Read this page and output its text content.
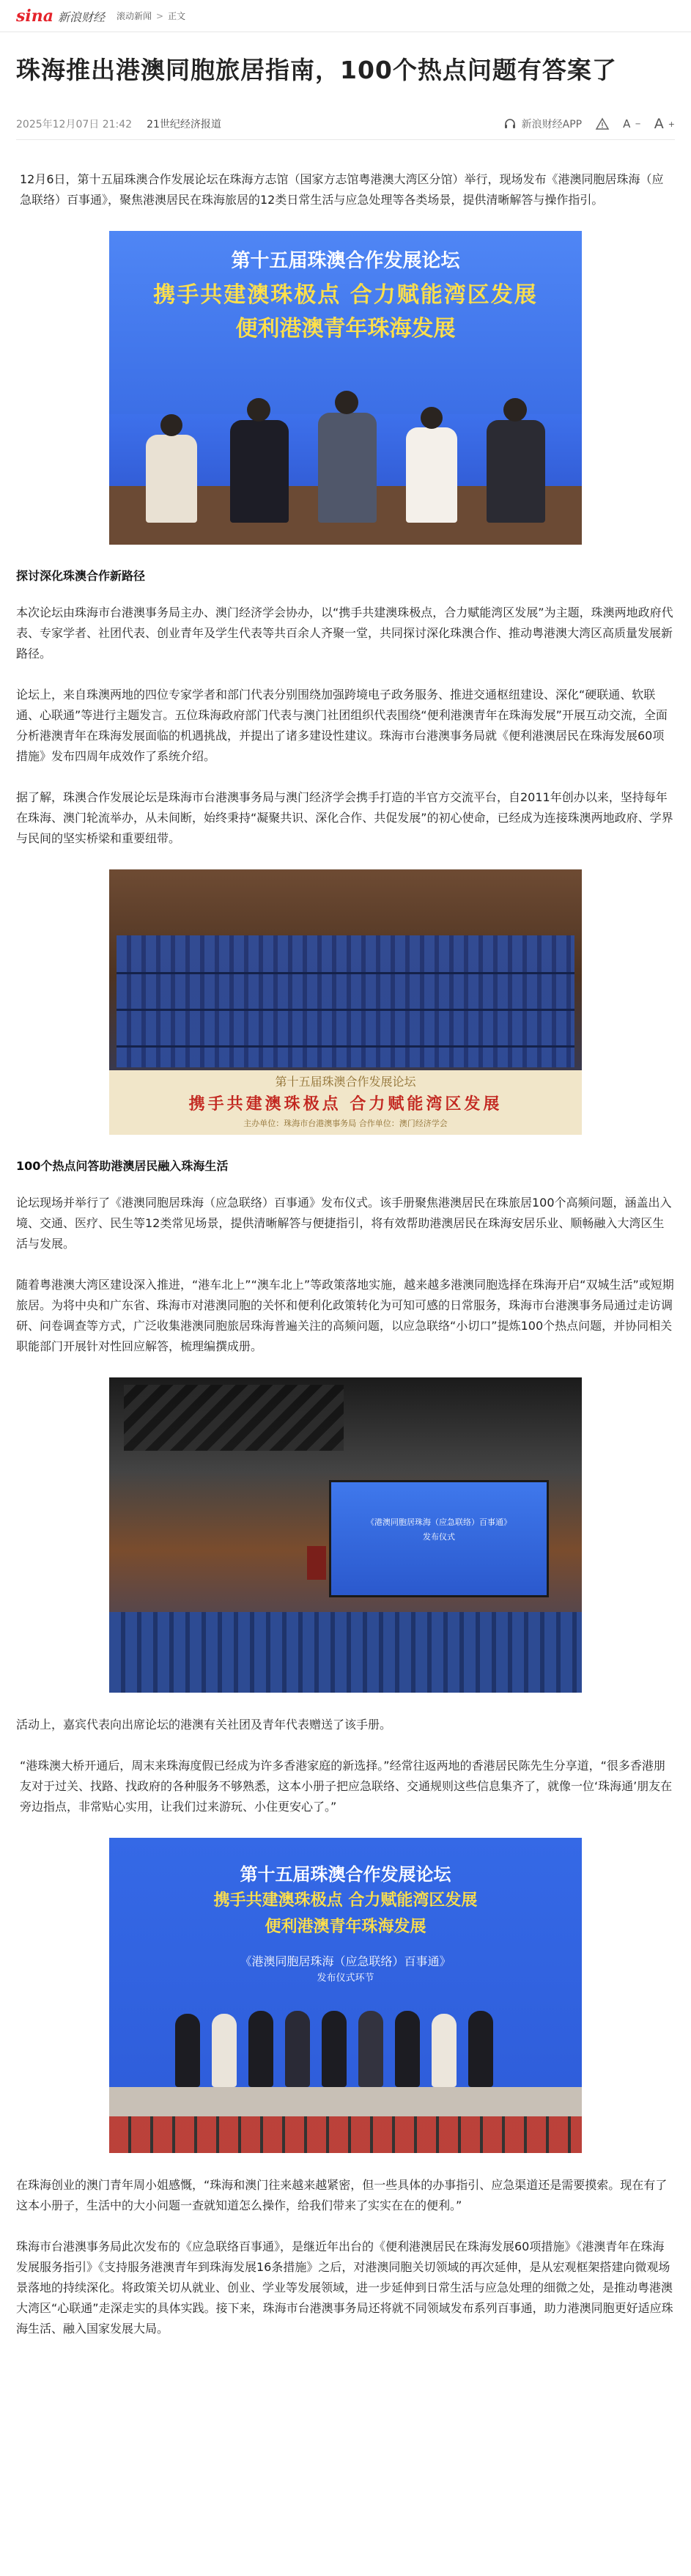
sina 新浪财经 滚动新闻 > 正文
珠海推出港澳同胞旅居指南，100个热点问题有答案了
2025年12月07日 21:42 21世纪经济报道	新浪财经APP	A − A +

12月6日，第十五届珠澳合作发展论坛在珠海方志馆（国家方志馆粤港澳大湾区分馆）举行，现场发布《港澳同胞居珠海（应急联络）百事通》，聚焦港澳居民在珠海旅居的12类日常生活与应急处理等各类场景，提供清晰解答与操作指引。

第十五届珠澳合作发展论坛
携手共建澳珠极点 合力赋能湾区发展
便利港澳青年珠海发展
探讨深化珠澳合作新路径

本次论坛由珠海市台港澳事务局主办、澳门经济学会协办，以“携手共建澳珠极点，合力赋能湾区发展”为主题，珠澳两地政府代表、专家学者、社团代表、创业青年及学生代表等共百余人齐聚一堂，共同探讨深化珠澳合作、推动粤港澳大湾区高质量发展新路径。

论坛上，来自珠澳两地的四位专家学者和部门代表分别围绕加强跨境电子政务服务、推进交通枢纽建设、深化“硬联通、软联通、心联通”等进行主题发言。五位珠海政府部门代表与澳门社团组织代表围绕“便利港澳青年在珠海发展”开展互动交流，全面分析港澳青年在珠海发展面临的机遇挑战，并提出了诸多建设性建议。珠海市台港澳事务局就《便利港澳居民在珠海发展60项措施》发布四周年成效作了系统介绍。

据了解，珠澳合作发展论坛是珠海市台港澳事务局与澳门经济学会携手打造的半官方交流平台，自2011年创办以来，坚持每年在珠海、澳门轮流举办，从未间断，始终秉持“凝聚共识、深化合作、共促发展”的初心使命，已经成为连接珠澳两地政府、学界与民间的坚实桥梁和重要纽带。

第十五届珠澳合作发展论坛
携手共建澳珠极点 合力赋能湾区发展
主办单位：珠海市台港澳事务局 合作单位：澳门经济学会
100个热点问答助港澳居民融入珠海生活

论坛现场并举行了《港澳同胞居珠海（应急联络）百事通》发布仪式。该手册聚焦港澳居民在珠旅居100个高频问题，涵盖出入境、交通、医疗、民生等12类常见场景，提供清晰解答与便捷指引，将有效帮助港澳居民在珠海安居乐业、顺畅融入大湾区生活与发展。

随着粤港澳大湾区建设深入推进，“港车北上”“澳车北上”等政策落地实施，越来越多港澳同胞选择在珠海开启“双城生活”或短期旅居。为将中央和广东省、珠海市对港澳同胞的关怀和便利化政策转化为可知可感的日常服务，珠海市台港澳事务局通过走访调研、问卷调查等方式，广泛收集港澳同胞旅居珠海普遍关注的高频问题，以应急联络“小切口”提炼100个热点问题，并协同相关职能部门开展针对性回应解答，梳理编撰成册。

《港澳同胞居珠海（应急联络）百事通》
发布仪式

活动上，嘉宾代表向出席论坛的港澳有关社团及青年代表赠送了该手册。

“港珠澳大桥开通后，周末来珠海度假已经成为许多香港家庭的新选择。”经常往返两地的香港居民陈先生分享道，“很多香港朋友对于过关、找路、找政府的各种服务不够熟悉，这本小册子把应急联络、交通规则这些信息集齐了，就像一位‘珠海通’朋友在旁边指点，非常贴心实用，让我们过来游玩、小住更安心了。”

第十五届珠澳合作发展论坛
携手共建澳珠极点 合力赋能湾区发展
便利港澳青年珠海发展
《港澳同胞居珠海（应急联络）百事通》
发布仪式环节

在珠海创业的澳门青年周小姐感慨，“珠海和澳门往来越来越紧密，但一些具体的办事指引、应急渠道还是需要摸索。现在有了这本小册子，生活中的大小问题一查就知道怎么操作，给我们带来了实实在在的便利。”

珠海市台港澳事务局此次发布的《应急联络百事通》，是继近年出台的《便利港澳居民在珠海发展60项措施》《港澳青年在珠海发展服务指引》《支持服务港澳青年到珠海发展16条措施》之后，对港澳同胞关切领域的再次延伸，是从宏观框架搭建向微观场景落地的持续深化。将政策关切从就业、创业、学业等发展领域，进一步延伸到日常生活与应急处理的细微之处，是推动粤港澳大湾区“心联通”走深走实的具体实践。接下来，珠海市台港澳事务局还将就不同领域发布系列百事通，助力港澳同胞更好适应珠海生活、融入国家发展大局。
